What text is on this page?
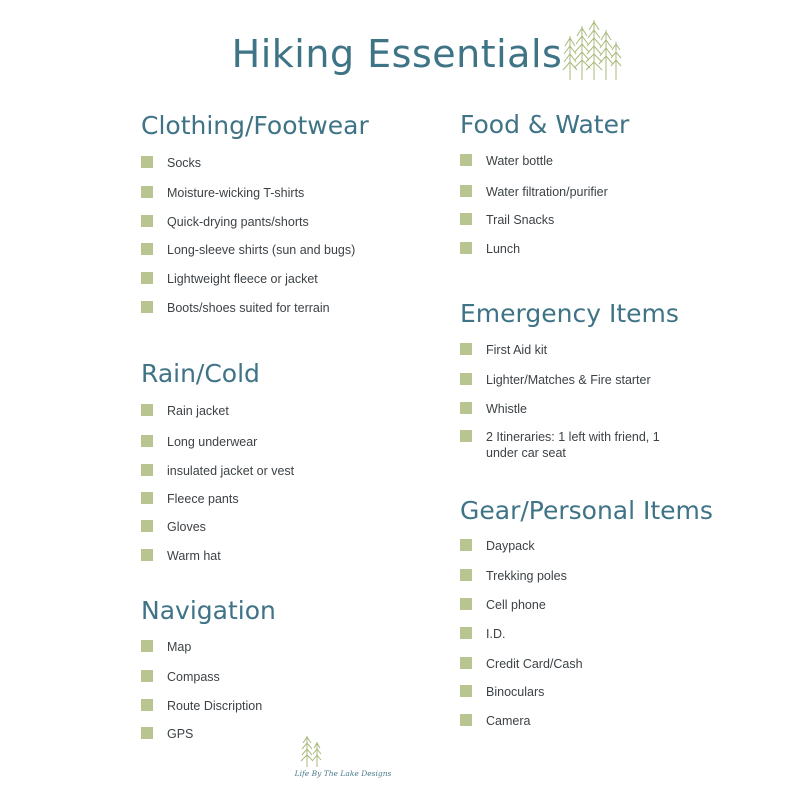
Hiking Essentials
Clothing/Footwear
Socks
Moisture-wicking T-shirts
Quick-drying pants/shorts
Long-sleeve shirts (sun and bugs)
Lightweight fleece or jacket
Boots/shoes suited for terrain
Rain/Cold
Rain jacket
Long underwear
insulated jacket or vest
Fleece pants
Gloves
Warm hat
Navigation
Map
Compass
Route Discription
GPS
Food & Water
Water bottle
Water filtration/purifier
Trail Snacks
Lunch
Emergency Items
First Aid kit
Lighter/Matches & Fire starter
Whistle
2 Itineraries: 1 left with friend, 1 under car seat
Gear/Personal Items
Daypack
Trekking poles
Cell phone
I.D.
Credit Card/Cash
Binoculars
Camera
Life By The Lake Designs
